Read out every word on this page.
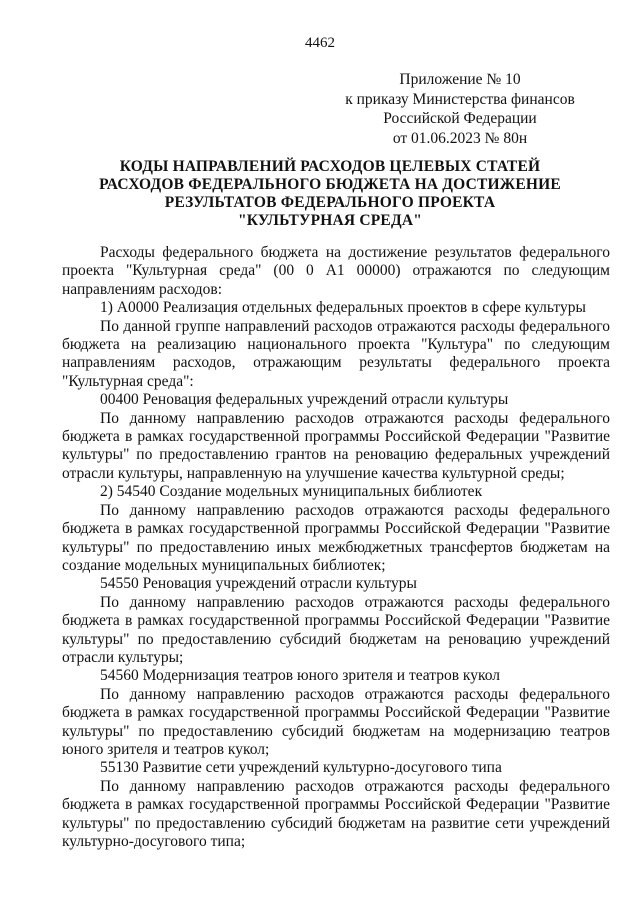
4462
Приложение № 10
к приказу Министерства финансов
Российской Федерации
от 01.06.2023 № 80н
КОДЫ НАПРАВЛЕНИЙ РАСХОДОВ ЦЕЛЕВЫХ СТАТЕЙ
РАСХОДОВ ФЕДЕРАЛЬНОГО БЮДЖЕТА НА ДОСТИЖЕНИЕ
РЕЗУЛЬТАТОВ ФЕДЕРАЛЬНОГО ПРОЕКТА
"КУЛЬТУРНАЯ СРЕДА"

Расходы федерального бюджета на достижение результатов федерального проекта "Культурная среда" (00 0 А1 00000) отражаются по следующим направлениям расходов:

1) А0000 Реализация отдельных федеральных проектов в сфере культуры

По данной группе направлений расходов отражаются расходы федерального бюджета на реализацию национального проекта "Культура" по следующим направлениям расходов, отражающим результаты федерального проекта "Культурная среда":

00400 Реновация федеральных учреждений отрасли культуры

По данному направлению расходов отражаются расходы федерального бюджета в рамках государственной программы Российской Федерации "Развитие культуры" по предоставлению грантов на реновацию федеральных учреждений отрасли культуры, направленную на улучшение качества культурной среды;

2) 54540 Создание модельных муниципальных библиотек

По данному направлению расходов отражаются расходы федерального бюджета в рамках государственной программы Российской Федерации "Развитие культуры" по предоставлению иных межбюджетных трансфертов бюджетам на создание модельных муниципальных библиотек;

54550 Реновация учреждений отрасли культуры

По данному направлению расходов отражаются расходы федерального бюджета в рамках государственной программы Российской Федерации "Развитие культуры" по предоставлению субсидий бюджетам на реновацию учреждений отрасли культуры;

54560 Модернизация театров юного зрителя и театров кукол

По данному направлению расходов отражаются расходы федерального бюджета в рамках государственной программы Российской Федерации "Развитие культуры" по предоставлению субсидий бюджетам на модернизацию театров юного зрителя и театров кукол;

55130 Развитие сети учреждений культурно-досугового типа

По данному направлению расходов отражаются расходы федерального бюджета в рамках государственной программы Российской Федерации "Развитие культуры" по предоставлению субсидий бюджетам на развитие сети учреждений культурно-досугового типа;
